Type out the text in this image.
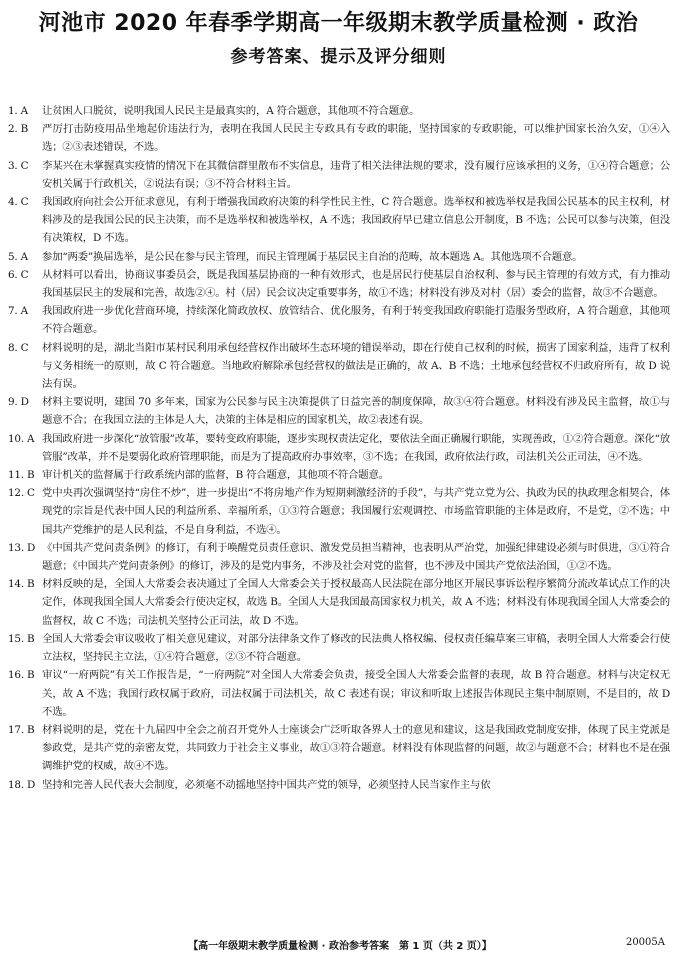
河池市 2020 年春季学期高一年级期末教学质量检测 · 政治
参考答案、提示及评分细则
1. A	让贫困人口脱贫，说明我国人民民主是最真实的，A 符合题意，其他项不符合题意。
2. B	严厉打击防疫用品坐地起价违法行为，表明在我国人民民主专政具有专政的职能，坚持国家的专政职能，可以维护国家长治久安，①④入选；②③表述错误，不选。
3. C	李某兴在未掌握真实疫情的情况下在其微信群里散布不实信息，违背了相关法律法规的要求，没有履行应该承担的义务，①④符合题意；公安机关属于行政机关，②说法有误；③不符合材料主旨。
4. C	我国政府向社会公开征求意见，有利于增强我国政府决策的科学性民主性，C 符合题意。选举权和被选举权是我国公民基本的民主权利，材料涉及的是我国公民的民主决策，而不是选举权和被选举权，A 不选；我国政府早已建立信息公开制度，B 不选；公民可以参与决策，但没有决策权，D 不选。
5. A	参加“两委”换届选举，是公民在参与民主管理，而民主管理属于基层民主自治的范畴，故本题选 A。其他选项不合题意。
6. C	从材料可以看出，协商议事委员会，既是我国基层协商的一种有效形式，也是居民行使基层自治权利、参与民主管理的有效方式，有力推动我国基层民主的发展和完善，故选②④。村（居）民会议决定重要事务，故①不选；材料没有涉及对村（居）委会的监督，故③不合题意。
7. A	我国政府进一步优化营商环境，持续深化简政放权、放管结合、优化服务，有利于转变我国政府职能打造服务型政府，A 符合题意，其他项不符合题意。
8. C	材料说明的是，湖北当阳市某村民利用承包经营权作出破坏生态环境的错误举动，即在行使自己权利的时候，损害了国家利益，违背了权利与义务相统一的原则，故 C 符合题意。当地政府解除承包经营权的做法是正确的，故 A、B 不选；土地承包经营权不归政府所有，故 D 说法有误。
9. D	材料主要说明，建国 70 多年来，国家为公民参与民主决策提供了日益完善的制度保障，故③④符合题意。材料没有涉及民主监督，故①与题意不合；在我国立法的主体是人大，决策的主体是相应的国家机关，故②表述有误。
10. A 我国政府进一步深化“放管服”改革，要转变政府职能，逐步实现权责法定化，要依法全面正确履行职能，实现善政，①②符合题意。深化“放管服”改革，并不是要弱化政府管理职能，而是为了提高政府办事效率，③不选；在我国，政府依法行政，司法机关公正司法，④不选。
11. B 审计机关的监督属于行政系统内部的监督，B 符合题意，其他项不符合题意。
12. C 党中央再次强调坚持“房住不炒”，进一步提出“不将房地产作为短期刺激经济的手段”，与共产党立党为公、执政为民的执政理念相契合，体现党的宗旨是代表中国人民的利益所系、幸福所系，①③符合题意；我国履行宏观调控、市场监管职能的主体是政府，不是党，②不选；中国共产党维护的是人民利益，不是自身利益，不选④。
13. D 《中国共产党问责条例》的修订，有利于唤醒党员责任意识、激发党员担当精神，也表明从严治党，加强纪律建设必须与时俱进，③①符合题意；《中国共产党问责条例》的修订，涉及的是党内事务，不涉及社会对党的监督，也不涉及中国共产党依法治国，①②不选。
14. B 材料反映的是，全国人大常委会表决通过了全国人大常委会关于授权最高人民法院在部分地区开展民事诉讼程序繁简分流改革试点工作的决定作，体现我国全国人大常委会行使决定权，故选 B。全国人大是我国最高国家权力机关，故 A 不选；材料没有体现我国全国人大常委会的监督权，故 C 不选；司法机关坚持公正司法，故 D 不选。
15. B 全国人大常委会审议吸收了相关意见建议，对部分法律条文作了修改的民法典人格权编、侵权责任编草案三审稿，表明全国人大常委会行使立法权，坚持民主立法，①④符合题意，②③不符合题意。
16. B 审议“一府两院”有关工作报告是，“一府两院”对全国人大常委会负责，接受全国人大常委会监督的表现，故 B 符合题意。材料与决定权无关，故 A 不选；我国行政权属于政府，司法权属于司法机关，故 C 表述有误；审议和听取上述报告体现民主集中制原则，不是目的，故 D 不选。
17. B 材料说明的是，党在十九届四中全会之前召开党外人士座谈会广泛听取各界人士的意见和建议，这是我国政党制度安排，体现了民主党派是参政党，是共产党的亲密友党，共同致力于社会主义事业，故①③符合题意。材料没有体现监督的问题，故②与题意不合；材料也不是在强调维护党的权威，故④不选。
18. D 坚持和完善人民代表大会制度，必须毫不动摇地坚持中国共产党的领导，必须坚持人民当家作主与依
【高一年级期末教学质量检测 · 政治参考答案　第 1 页（共 2 页）】	20005A
